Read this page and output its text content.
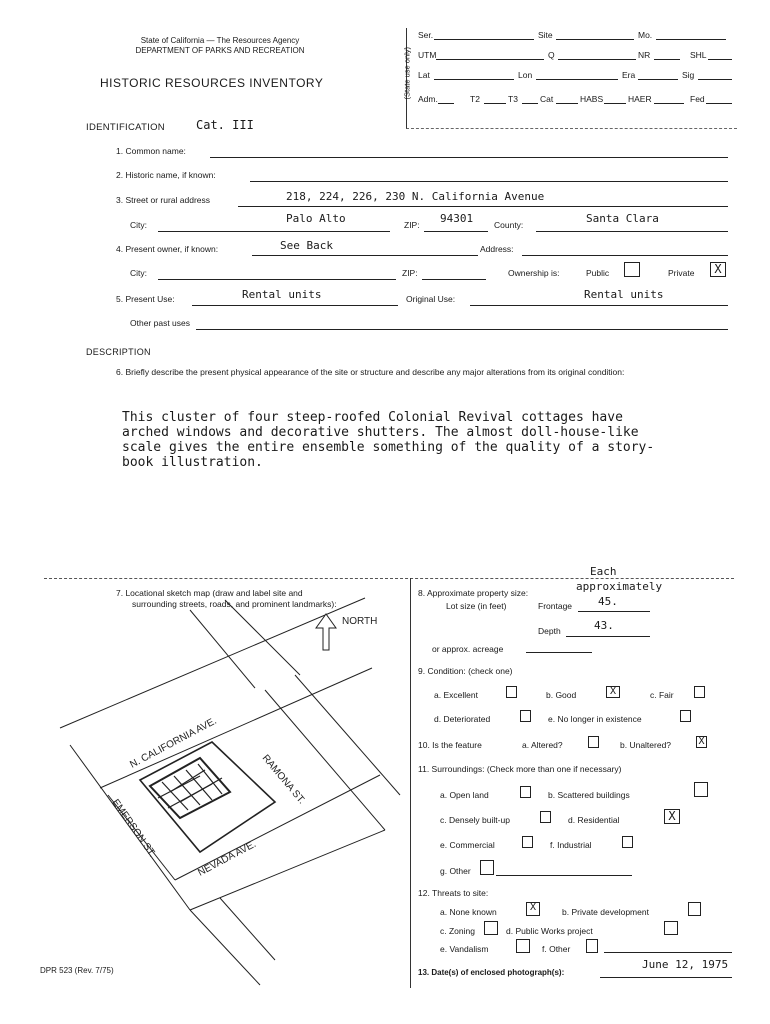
State of California — The Resources Agency
DEPARTMENT OF PARKS AND RECREATION
HISTORIC RESOURCES INVENTORY	(State use only)
Ser.	Site	Mo.
UTM	Q	NR	SHL
Lat	Lon	Era	Sig
Adm.	T2	T3	Cat	HABS	HAER	Fed
IDENTIFICATION	Cat. III
1. Common name:
2. Historic name, if known:
3. Street or rural address	218, 224, 226, 230 N. California Avenue
City:	Palo Alto	ZIP: 94301 County:	Santa Clara
4. Present owner, if known:	See Back	Address:
City:	ZIP:	Ownership is:	Public	Private	X
5. Present Use:	Rental units	Original Use:	Rental units
Other past uses
DESCRIPTION
6. Briefly describe the present physical appearance of the site or structure and describe any major alterations from its original condition:
This cluster of four steep-roofed Colonial Revival cottages have
arched windows and decorative shutters. The almost doll-house-like
scale gives the entire ensemble something of the quality of a story-
book illustration.
7. Locational sketch map (draw and label site and
surrounding streets, roads, and prominent landmarks):
NORTH
N. CALIFORNIA AVE.
RAMONA ST.
EMERSON ST.	NEVADA AVE.
Each
approximately
8. Approximate property size:
Lot size (in feet)	Frontage 45.
Depth	43.
or approx. acreage
9. Condition: (check one)
a. Excellent	b. Good	X	c. Fair
d. Deteriorated	e. No longer in existence
10. Is the feature	a. Altered?	b. Unaltered?	X
11. Surroundings: (Check more than one if necessary)
a. Open land	b. Scattered buildings
c. Densely built-up	d. Residential	X
e. Commercial	f. Industrial
g. Other
12. Threats to site:
a. None known	X	b. Private development
c. Zoning	d. Public Works project
e. Vandalism	f. Other
13. Date(s) of enclosed photograph(s):
June 12, 1975
DPR 523 (Rev. 7/75)
